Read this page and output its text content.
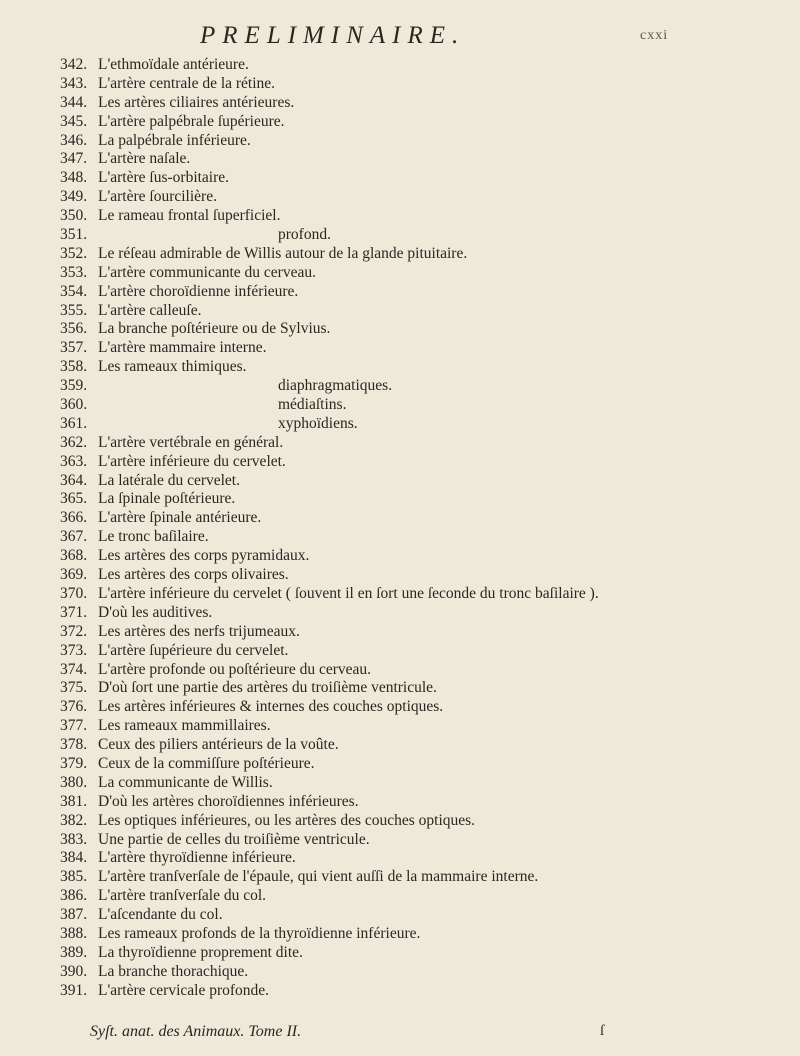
PRELIMINAIRE.	cxxi
342. L'ethmoïdale antérieure.
343. L'artère centrale de la rétine.
344. Les artères ciliaires antérieures.
345. L'artère palpébrale ſupérieure.
346. La palpébrale inférieure.
347. L'artère naſale.
348. L'artère ſus-orbitaire.
349. L'artère ſourcilière.
350. Le rameau frontal ſuperficiel.
351.	profond.
352. Le réſeau admirable de Willis autour de la glande pituitaire.
353. L'artère communicante du cerveau.
354. L'artère choroïdienne inférieure.
355. L'artère calleuſe.
356. La branche poſtérieure ou de Sylvius.
357. L'artère mammaire interne.
358. Les rameaux thimiques.
359.	diaphragmatiques.
360.	médiaſtins.
361.	xyphoïdiens.
362. L'artère vertébrale en général.
363. L'artère inférieure du cervelet.
364. La latérale du cervelet.
365. La ſpinale poſtérieure.
366. L'artère ſpinale antérieure.
367. Le tronc baſilaire.
368. Les artères des corps pyramidaux.
369. Les artères des corps olivaires.
370. L'artère inférieure du cervelet ( ſouvent il en ſort une ſeconde du tronc baſilaire ).
371. D'où les auditives.
372. Les artères des nerfs trijumeaux.
373. L'artère ſupérieure du cervelet.
374. L'artère profonde ou poſtérieure du cerveau.
375. D'où ſort une partie des artères du troiſième ventricule.
376. Les artères inférieures & internes des couches optiques.
377. Les rameaux mammillaires.
378. Ceux des piliers antérieurs de la voûte.
379. Ceux de la commiſſure poſtérieure.
380. La communicante de Willis.
381. D'où les artères choroïdiennes inférieures.
382. Les optiques inférieures, ou les artères des couches optiques.
383. Une partie de celles du troiſième ventricule.
384. L'artère thyroïdienne inférieure.
385. L'artère tranſverſale de l'épaule, qui vient auſſi de la mammaire interne.
386. L'artère tranſverſale du col.
387. L'aſcendante du col.
388. Les rameaux profonds de la thyroïdienne inférieure.
389. La thyroïdienne proprement dite.
390. La branche thorachique.
391. L'artère cervicale profonde.
Syſt. anat. des Animaux. Tome II.	ſ
